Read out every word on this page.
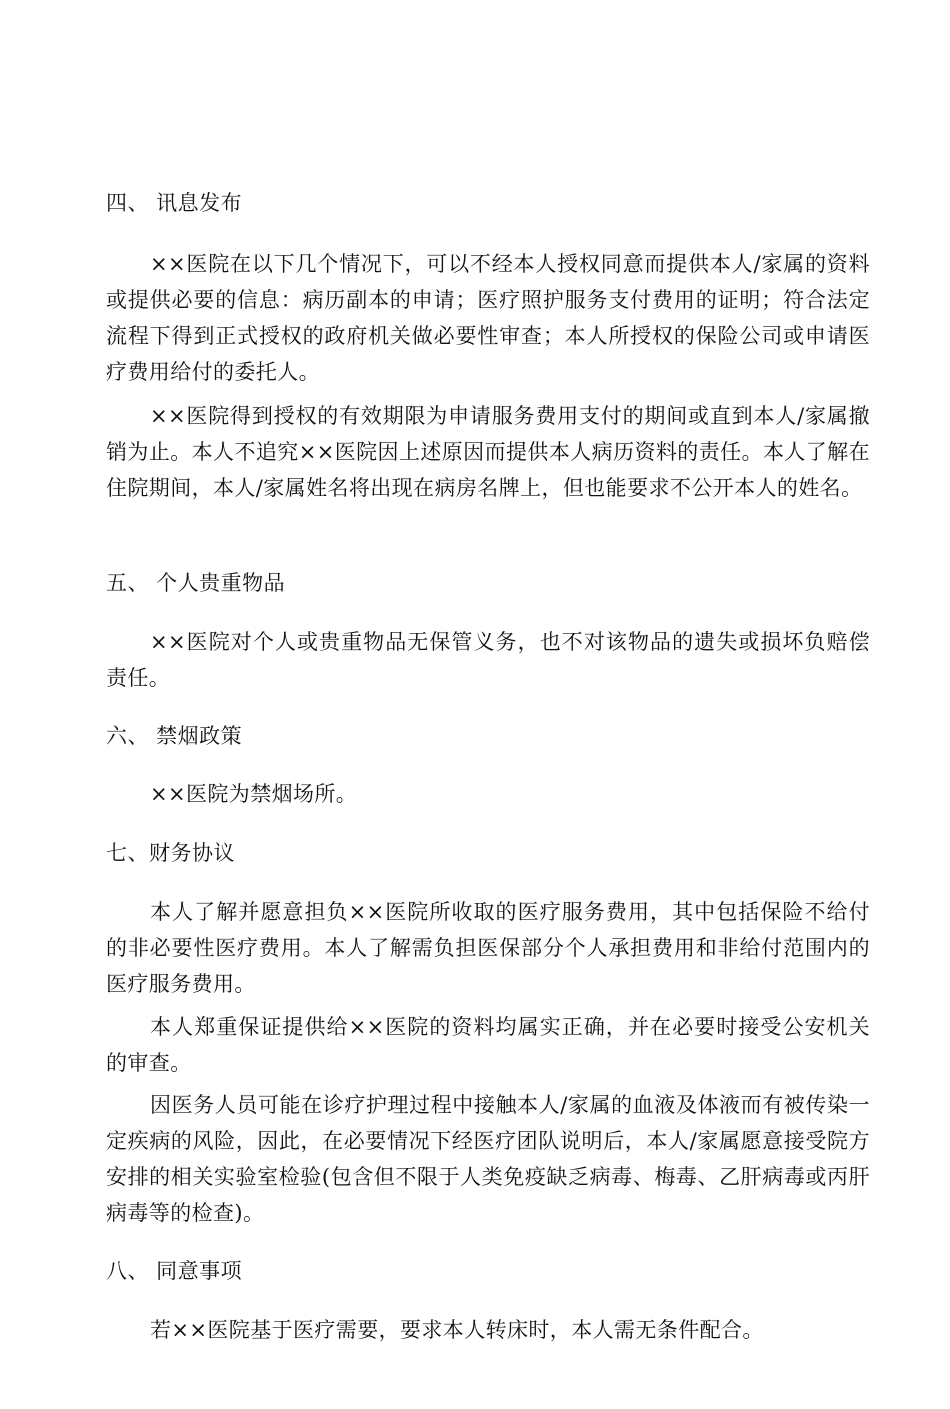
四、 讯息发布
××医院在以下几个情况下，可以不经本人授权同意而提供本人/家属的资料或提供必要的信息：病历副本的申请；医疗照护服务支付费用的证明；符合法定流程下得到正式授权的政府机关做必要性审查；本人所授权的保险公司或申请医疗费用给付的委托人。
××医院得到授权的有效期限为申请服务费用支付的期间或直到本人/家属撤销为止。本人不追究××医院因上述原因而提供本人病历资料的责任。本人了解在住院期间，本人/家属姓名将出现在病房名牌上，但也能要求不公开本人的姓名。
五、 个人贵重物品
××医院对个人或贵重物品无保管义务，也不对该物品的遗失或损坏负赔偿责任。
六、 禁烟政策
××医院为禁烟场所。
七、财务协议
本人了解并愿意担负××医院所收取的医疗服务费用，其中包括保险不给付的非必要性医疗费用。本人了解需负担医保部分个人承担费用和非给付范围内的医疗服务费用。
本人郑重保证提供给××医院的资料均属实正确，并在必要时接受公安机关的审查。
因医务人员可能在诊疗护理过程中接触本人/家属的血液及体液而有被传染一定疾病的风险，因此，在必要情况下经医疗团队说明后，本人/家属愿意接受院方安排的相关实验室检验(包含但不限于人类免疫缺乏病毒、梅毒、乙肝病毒或丙肝病毒等的检查)。
八、 同意事项
若××医院基于医疗需要，要求本人转床时，本人需无条件配合。
